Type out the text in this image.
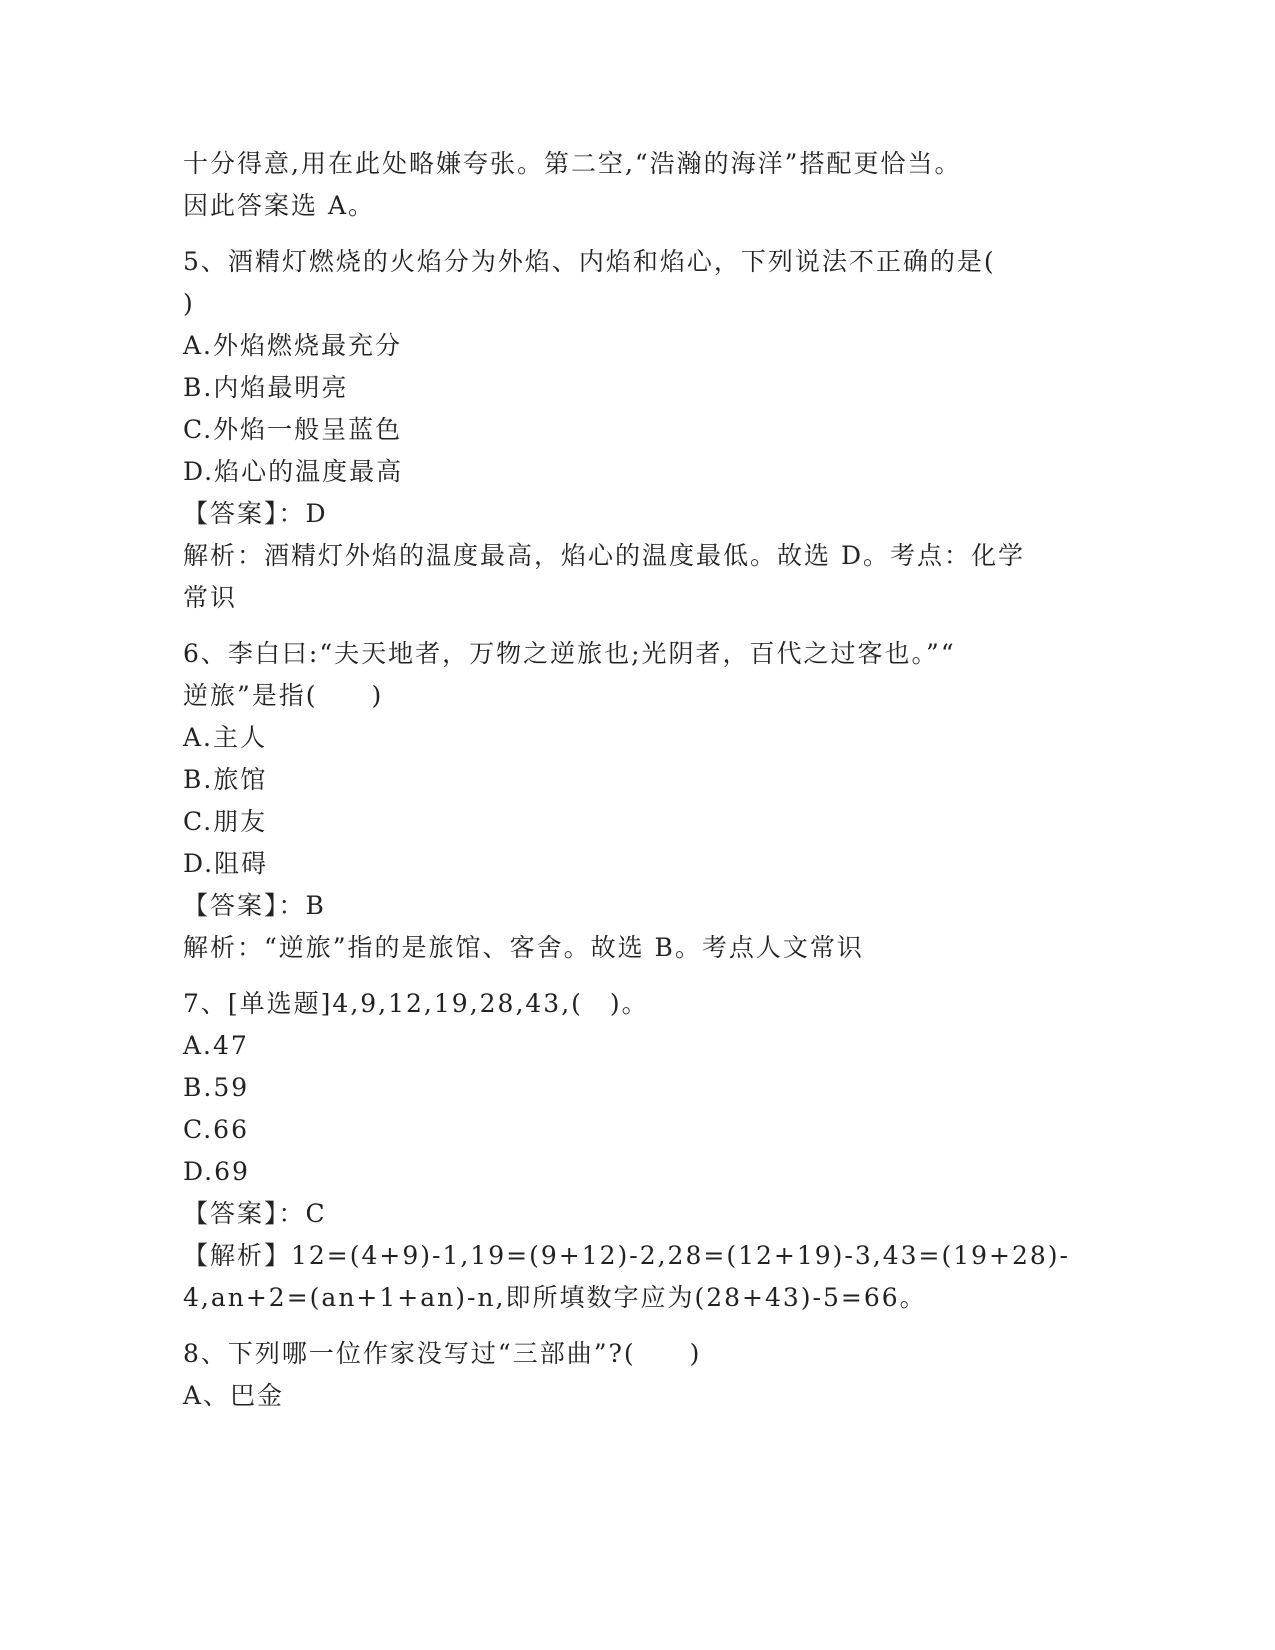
十分得意,用在此处略嫌夸张。第二空,“浩瀚的海洋”搭配更恰当。

因此答案选 A。

5、酒精灯燃烧的火焰分为外焰、内焰和焰心，下列说法不正确的是(

)

A.外焰燃烧最充分

B.内焰最明亮

C.外焰一般呈蓝色

D.焰心的温度最高

【答案】：D

解析：酒精灯外焰的温度最高，焰心的温度最低。故选 D。考点：化学

常识

6、李白曰:“夫天地者，万物之逆旅也;光阴者，百代之过客也。”“

逆旅”是指(　　)

A.主人

B.旅馆

C.朋友

D.阻碍

【答案】：B

解析：“逆旅”指的是旅馆、客舍。故选 B。考点人文常识

7、[单选题]4,9,12,19,28,43,(　)。

A.47

B.59

C.66

D.69

【答案】：C

【解析】12=(4+9)-1,19=(9+12)-2,28=(12+19)-3,43=(19+28)-

4,an+2=(an+1+an)-n,即所填数字应为(28+43)-5=66。

8、下列哪一位作家没写过“三部曲”?(　　)

A、巴金
